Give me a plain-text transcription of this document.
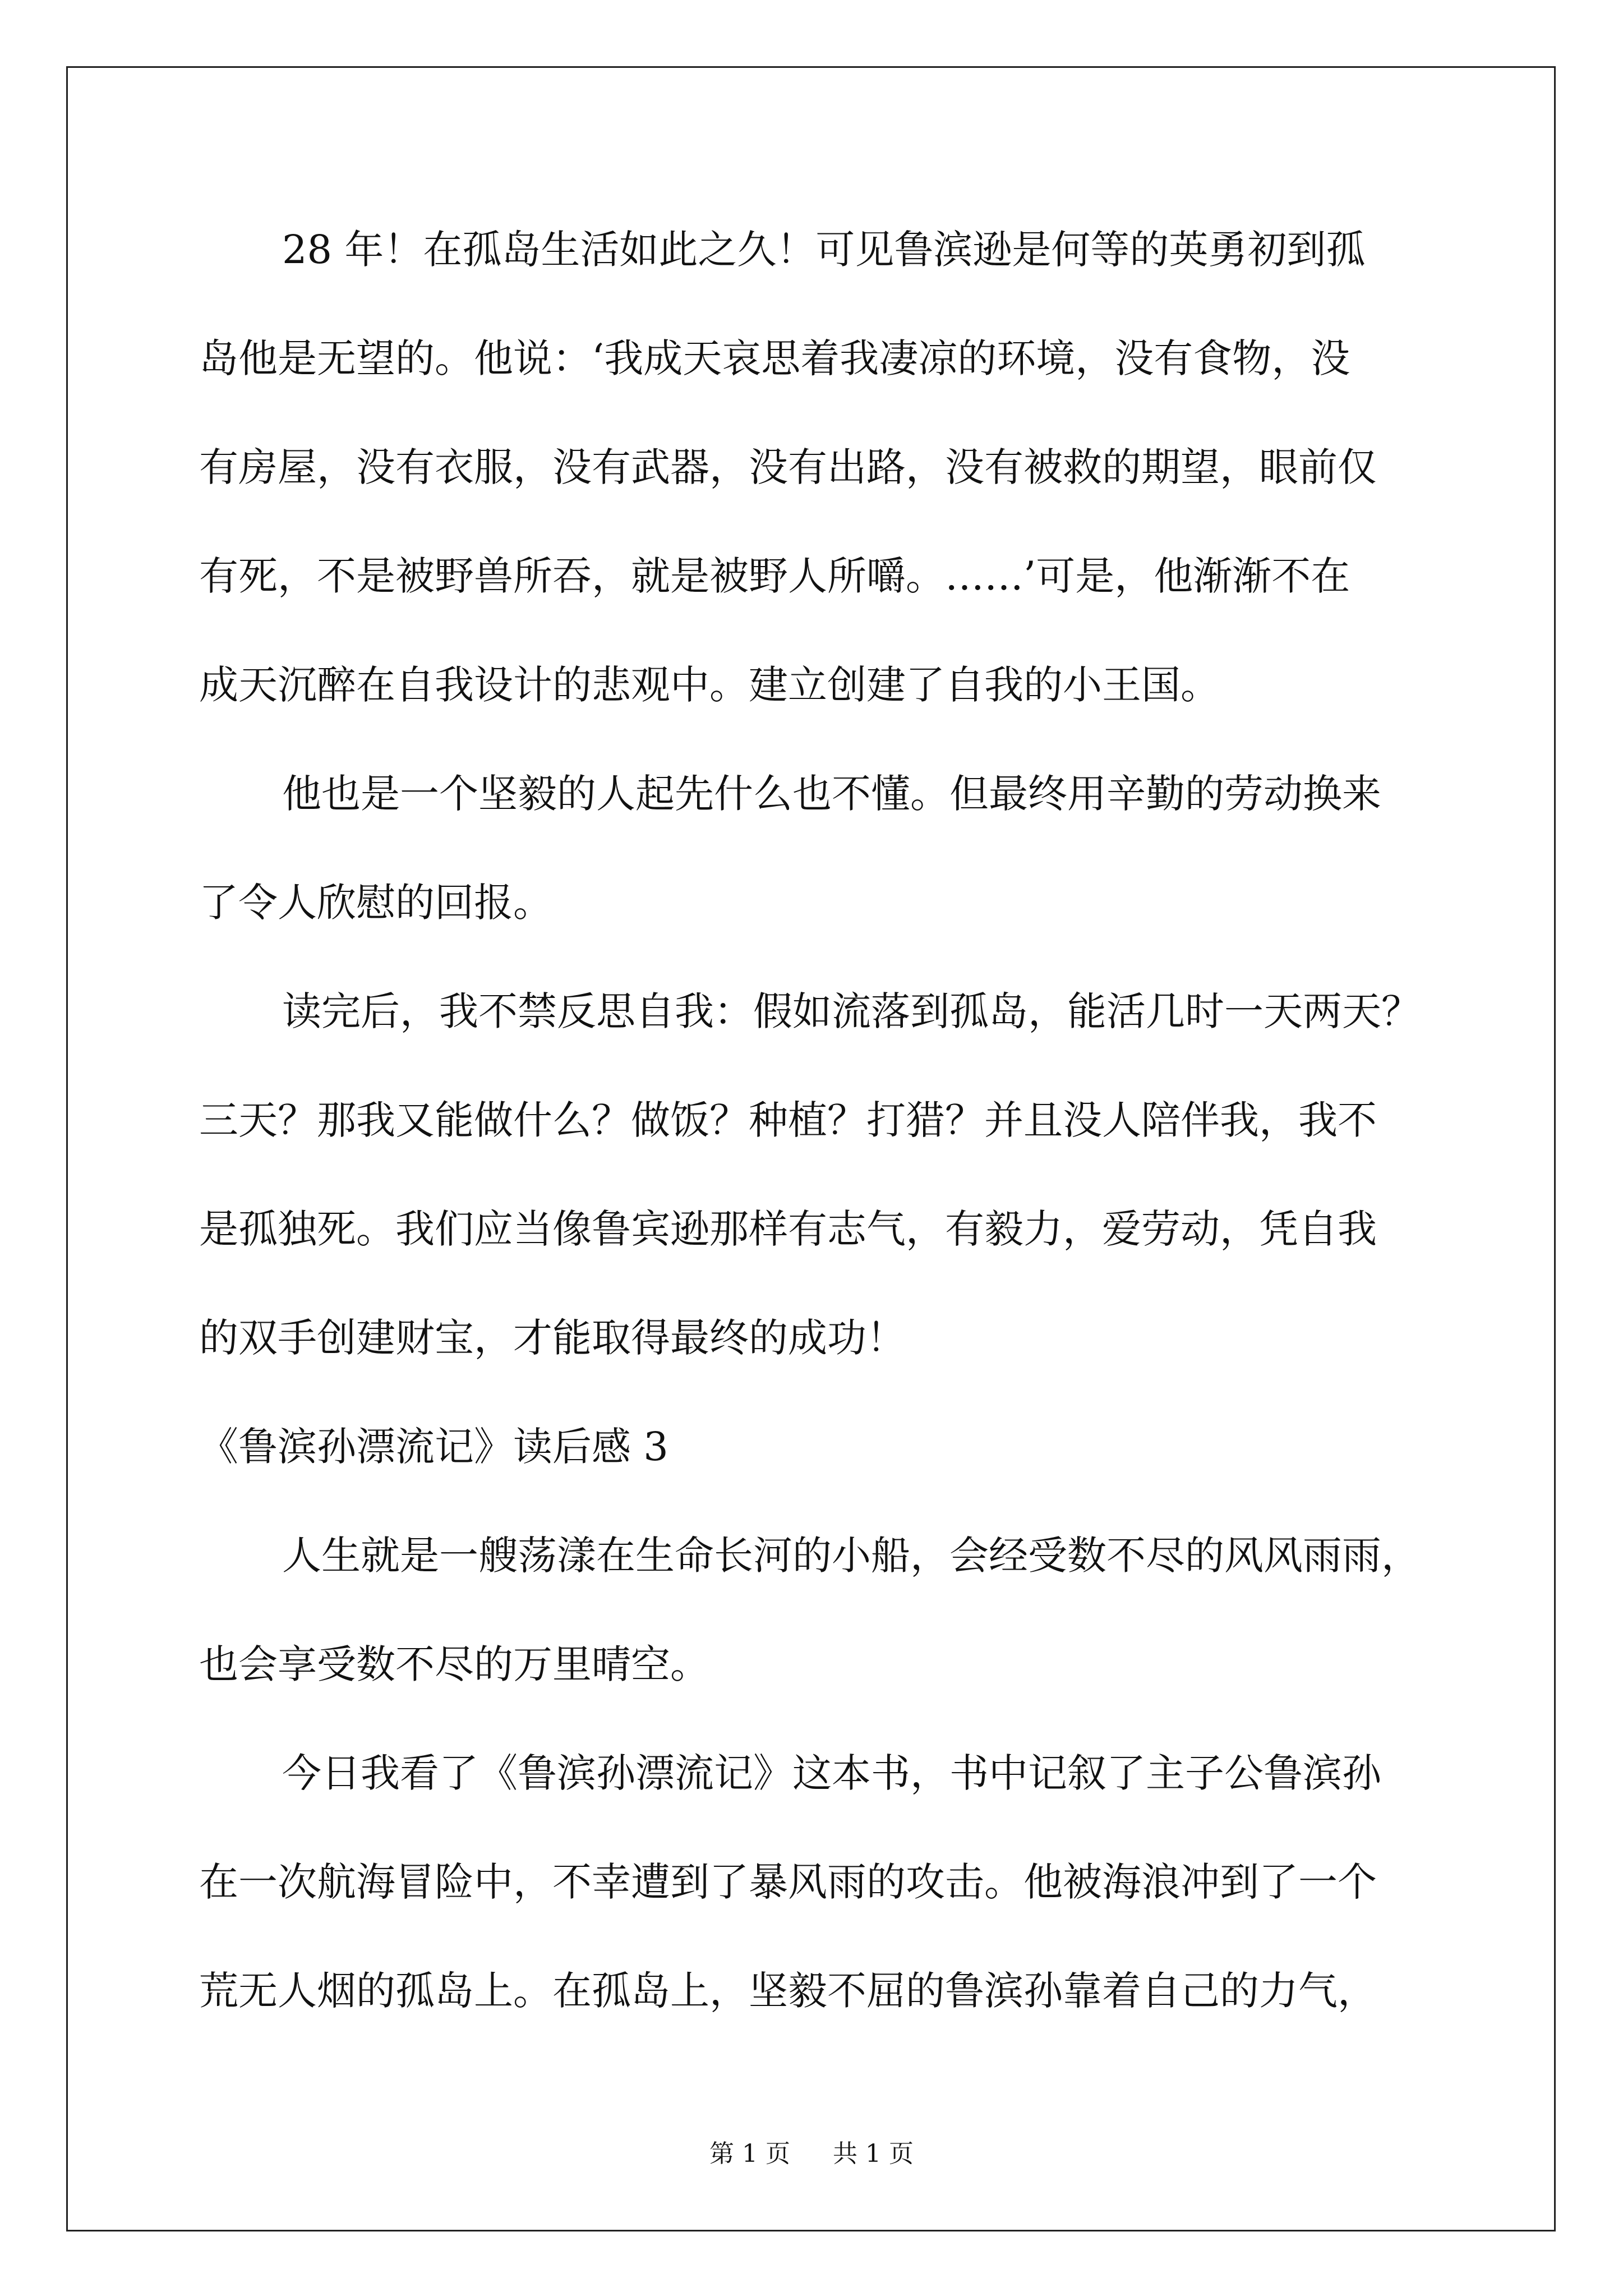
28 年！在孤岛生活如此之久！可见鲁滨逊是何等的英勇初到孤
岛他是无望的。他说：‘我成天哀思着我凄凉的环境，没有食物，没
有房屋，没有衣服，没有武器，没有出路，没有被救的期望，眼前仅
有死，不是被野兽所吞，就是被野人所嚼。……’可是，他渐渐不在
成天沉醉在自我设计的悲观中。建立创建了自我的小王国。
他也是一个坚毅的人起先什么也不懂。但最终用辛勤的劳动换来
了令人欣慰的回报。
读完后，我不禁反思自我：假如流落到孤岛，能活几时一天两天？
三天？那我又能做什么？做饭？种植？打猎？并且没人陪伴我，我不
是孤独死。我们应当像鲁宾逊那样有志气，有毅力，爱劳动，凭自我
的双手创建财宝，才能取得最终的成功！
《鲁滨孙漂流记》读后感 3
人生就是一艘荡漾在生命长河的小船，会经受数不尽的风风雨雨，
也会享受数不尽的万里晴空。
今日我看了《鲁滨孙漂流记》这本书，书中记叙了主子公鲁滨孙
在一次航海冒险中，不幸遭到了暴风雨的攻击。他被海浪冲到了一个
荒无人烟的孤岛上。在孤岛上，坚毅不屈的鲁滨孙靠着自己的力气，
第 1 页 共 1 页
